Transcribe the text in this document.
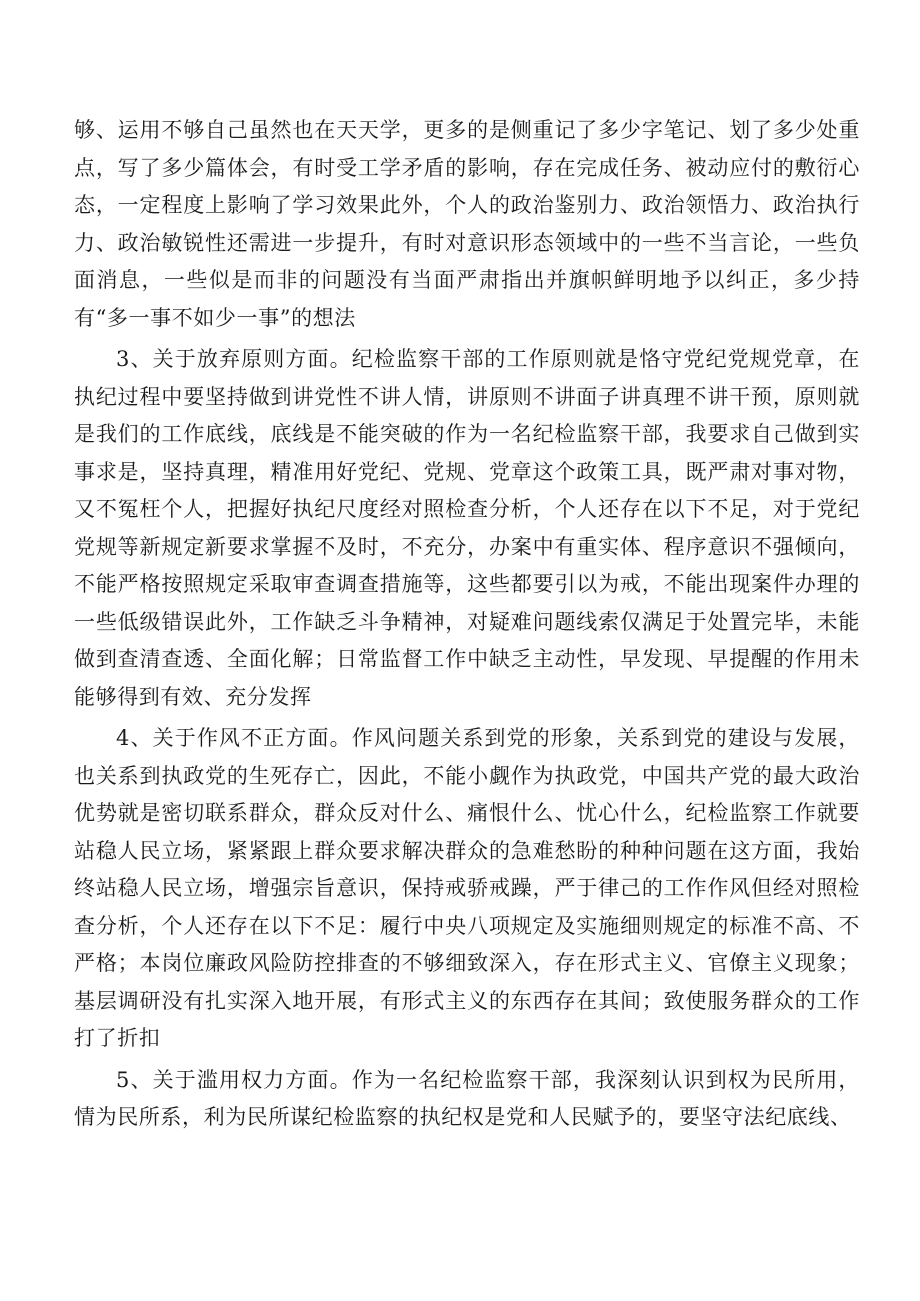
够、运用不够自己虽然也在天天学，更多的是侧重记了多少字笔记、划了多少处重点，写了多少篇体会，有时受工学矛盾的影响，存在完成任务、被动应付的敷衍心态，一定程度上影响了学习效果此外，个人的政治鉴别力、政治领悟力、政治执行力、政治敏锐性还需进一步提升，有时对意识形态领域中的一些不当言论，一些负面消息，一些似是而非的问题没有当面严肃指出并旗帜鲜明地予以纠正，多少持有“多一事不如少一事”的想法

3、关于放弃原则方面。纪检监察干部的工作原则就是恪守党纪党规党章，在执纪过程中要坚持做到讲党性不讲人情，讲原则不讲面子讲真理不讲干预，原则就是我们的工作底线，底线是不能突破的作为一名纪检监察干部，我要求自己做到实事求是，坚持真理，精准用好党纪、党规、党章这个政策工具，既严肃对事对物，又不冤枉个人，把握好执纪尺度经对照检查分析，个人还存在以下不足，对于党纪党规等新规定新要求掌握不及时，不充分，办案中有重实体、程序意识不强倾向，不能严格按照规定采取审查调查措施等，这些都要引以为戒，不能出现案件办理的一些低级错误此外，工作缺乏斗争精神，对疑难问题线索仅满足于处置完毕，未能做到查清查透、全面化解；日常监督工作中缺乏主动性，早发现、早提醒的作用未能够得到有效、充分发挥

4、关于作风不正方面。作风问题关系到党的形象，关系到党的建设与发展，也关系到执政党的生死存亡，因此，不能小觑作为执政党，中国共产党的最大政治优势就是密切联系群众，群众反对什么、痛恨什么、忧心什么，纪检监察工作就要站稳人民立场，紧紧跟上群众要求解决群众的急难愁盼的种种问题在这方面，我始终站稳人民立场，增强宗旨意识，保持戒骄戒躁，严于律己的工作作风但经对照检查分析，个人还存在以下不足：履行中央八项规定及实施细则规定的标准不高、不严格；本岗位廉政风险防控排查的不够细致深入，存在形式主义、官僚主义现象；基层调研没有扎实深入地开展，有形式主义的东西存在其间；致使服务群众的工作打了折扣

5、关于滥用权力方面。作为一名纪检监察干部，我深刻认识到权为民所用，情为民所系，利为民所谋纪检监察的执纪权是党和人民赋予的，要坚守法纪底线、
